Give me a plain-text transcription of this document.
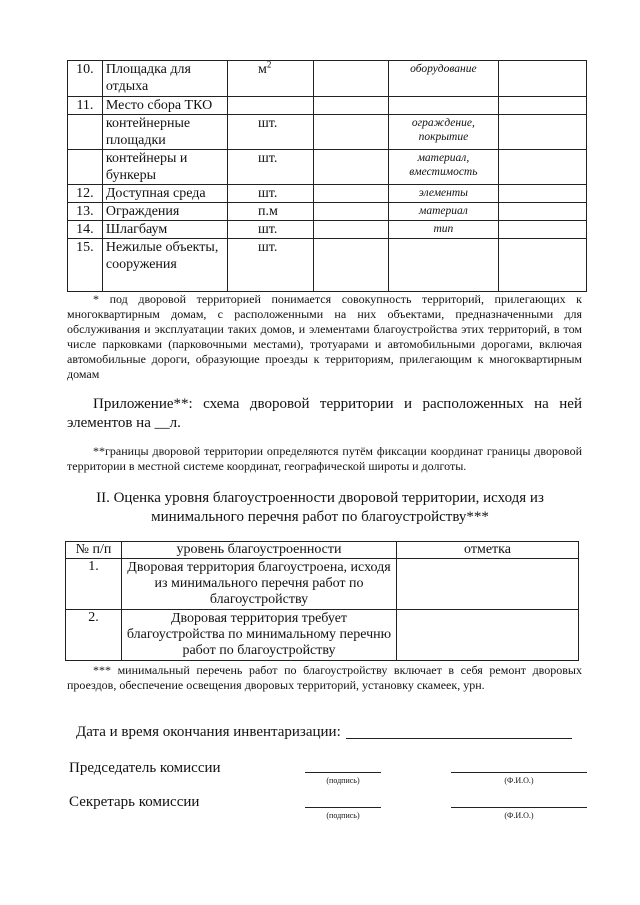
10.	Площадка для отдыха	$м^2$		оборудование	
11.	Место сбора ТКО				
	контейнерные площадки	шт.		ограждение, покрытие	
	контейнеры и бункеры	шт.		материал, вместимость	
12.	Доступная среда	шт.		элементы	
13.	Ограждения	п.м		материал	
14.	Шлагбаум	шт.		тип	
15.	Нежилые объекты, сооружения	шт.			
* под дворовой территорией понимается совокупность территорий, прилегающих к многоквартирным домам, с расположенными на них объектами, предназначенными для обслуживания и эксплуатации таких домов, и элементами благоустройства этих территорий, в том числе парковками (парковочными местами), тротуарами и автомобильными дорогами, включая автомобильные дороги, образующие проезды к территориям, прилегающим к многоквартирным домам
Приложение**: схема дворовой территории и расположенных на ней элементов на __л.
**границы дворовой территории определяются путём фиксации координат границы дворовой территории в местной системе координат, географической широты и долготы.
II. Оценка уровня благоустроенности дворовой территории, исходя из минимального перечня работ по благоустройству***
№ п/п	уровень благоустроенности	отметка
1.	Дворовая территория благоустроена, исходя из минимального перечня работ по благоустройству	
2.	Дворовая территория требует благоустройства по минимальному перечню работ по благоустройству	
*** минимальный перечень работ по благоустройству включает в себя ремонт дворовых проездов, обеспечение освещения дворовых территорий, установку скамеек, урн.
Дата и время окончания инвентаризации:
Председатель комиссии
(подпись)	(Ф.И.О.)
Секретарь комиссии
(подпись)	(Ф.И.О.)
